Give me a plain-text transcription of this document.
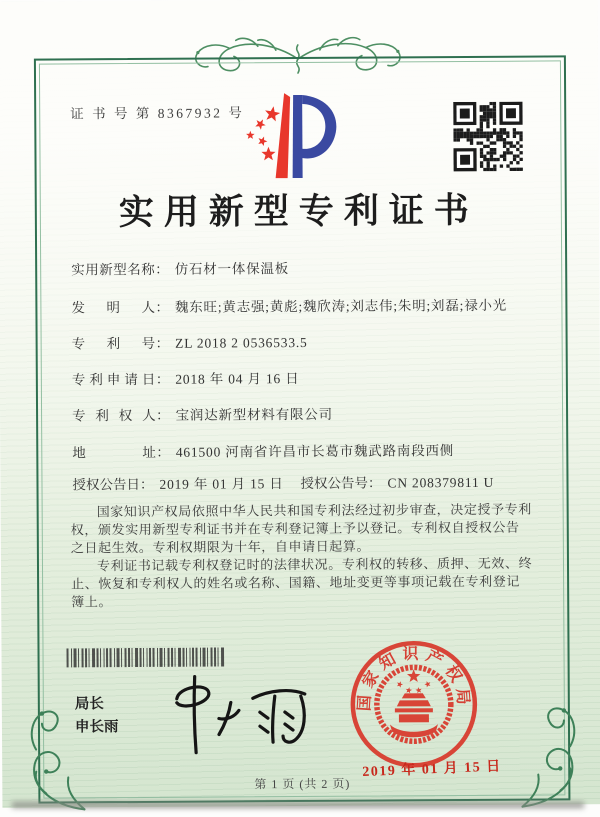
证 书 号 第 8367932 号
实用新型专利证书
实用新型名称： 仿石材一体保温板
发明人： 魏东旺;黄志强;黄彪;魏欣涛;刘志伟;朱明;刘磊;禄小光
专利号： ZL 2018 2 0536533.5
专利申请日： 2018 年 04 月 16 日
专利权人： 宝润达新型材料有限公司
地址： 461500 河南省许昌市长葛市魏武路南段西侧
授权公告日： 2019 年 01 月 15 日 授权公告号： CN 208379811 U

国家知识产权局依照中华人民共和国专利法经过初步审查，决定授予专利权，颁发实用新型专利证书并在专利登记簿上予以登记。专利权自授权公告之日起生效。专利权期限为十年，自申请日起算。

专利证书记载专利权登记时的法律状况。专利权的转移、质押、无效、终止、恢复和专利权人的姓名或名称、国籍、地址变更等事项记载在专利登记簿上。

局长
申长雨
国家知识产权局
2019 年 01 月 15 日
第 1 页 (共 2 页)
